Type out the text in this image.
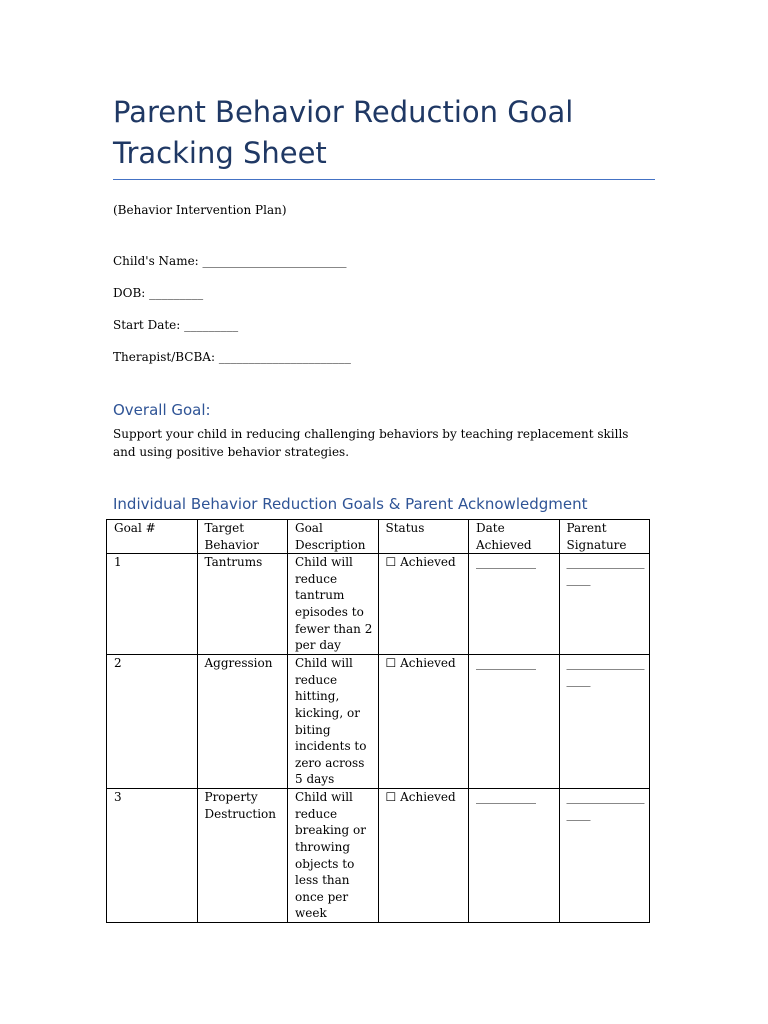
Parent Behavior Reduction Goal Tracking Sheet
(Behavior Intervention Plan)
Child's Name: ________________________
DOB: _________
Start Date: _________
Therapist/BCBA: ______________________
Overall Goal:
Support your child in reducing challenging behaviors by teaching replacement skills and using positive behavior strategies.
Individual Behavior Reduction Goals & Parent Acknowledgment
Goal #	Target Behavior	Goal Description	Status	Date Achieved	Parent Signature
1	Tantrums	Child will reduce tantrum episodes to fewer than 2 per day	☐ Achieved	__________	_________________
2	Aggression	Child will reduce hitting, kicking, or biting incidents to zero across 5 days	☐ Achieved	__________	_________________
3	Property Destruction	Child will reduce breaking or throwing objects to less than once per week	☐ Achieved	__________	_________________
